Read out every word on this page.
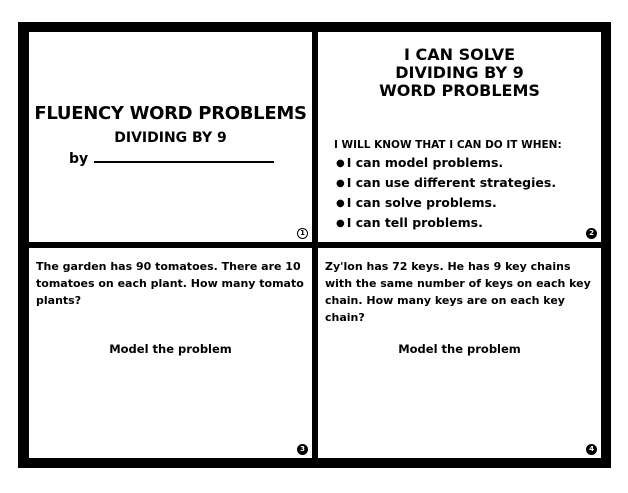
FLUENCY WORD PROBLEMS
DIVIDING BY 9
by
1
I CAN SOLVE
DIVIDING BY 9
WORD PROBLEMS
I WILL KNOW THAT I CAN DO IT WHEN:
● I can model problems.
● I can use different strategies.
● I can solve problems.
● I can tell problems.
2
The garden has 90 tomatoes. There are 10 tomatoes on each plant. How many tomato plants?
Model the problem
3
Zy'lon has 72 keys. He has 9 key chains with the same number of keys on each key chain. How many keys are on each key chain?
Model the problem
4
